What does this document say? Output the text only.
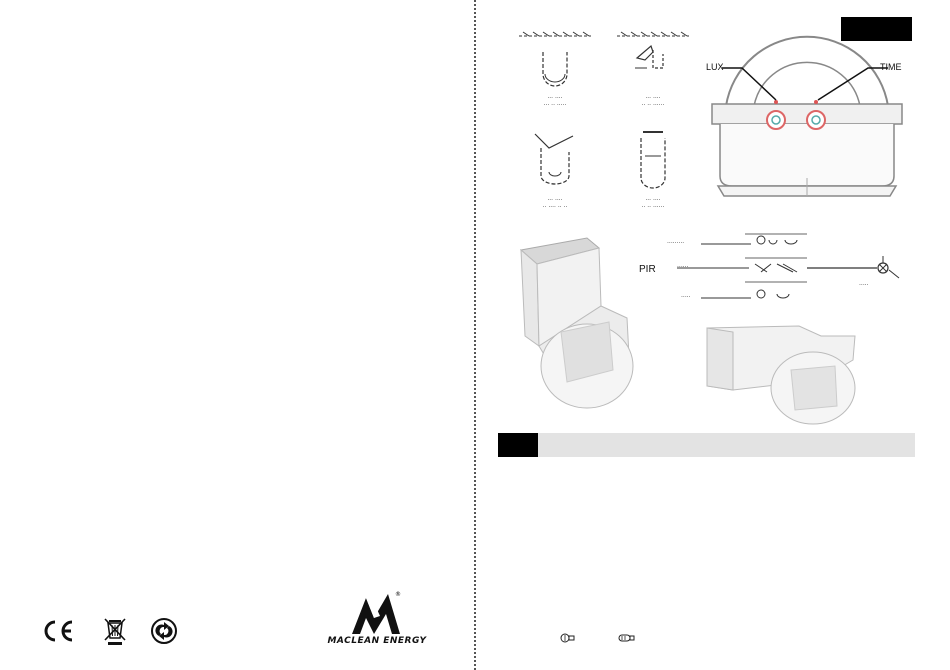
®
MACLEAN ENERGY
··· ····
··· ·· ·····
··· ····
·· ·· ······
··· ····
·· ···· ·· ··
··· ····
·· ·· ······
LUX	TIME
PIR
·········
······
·····
·····
